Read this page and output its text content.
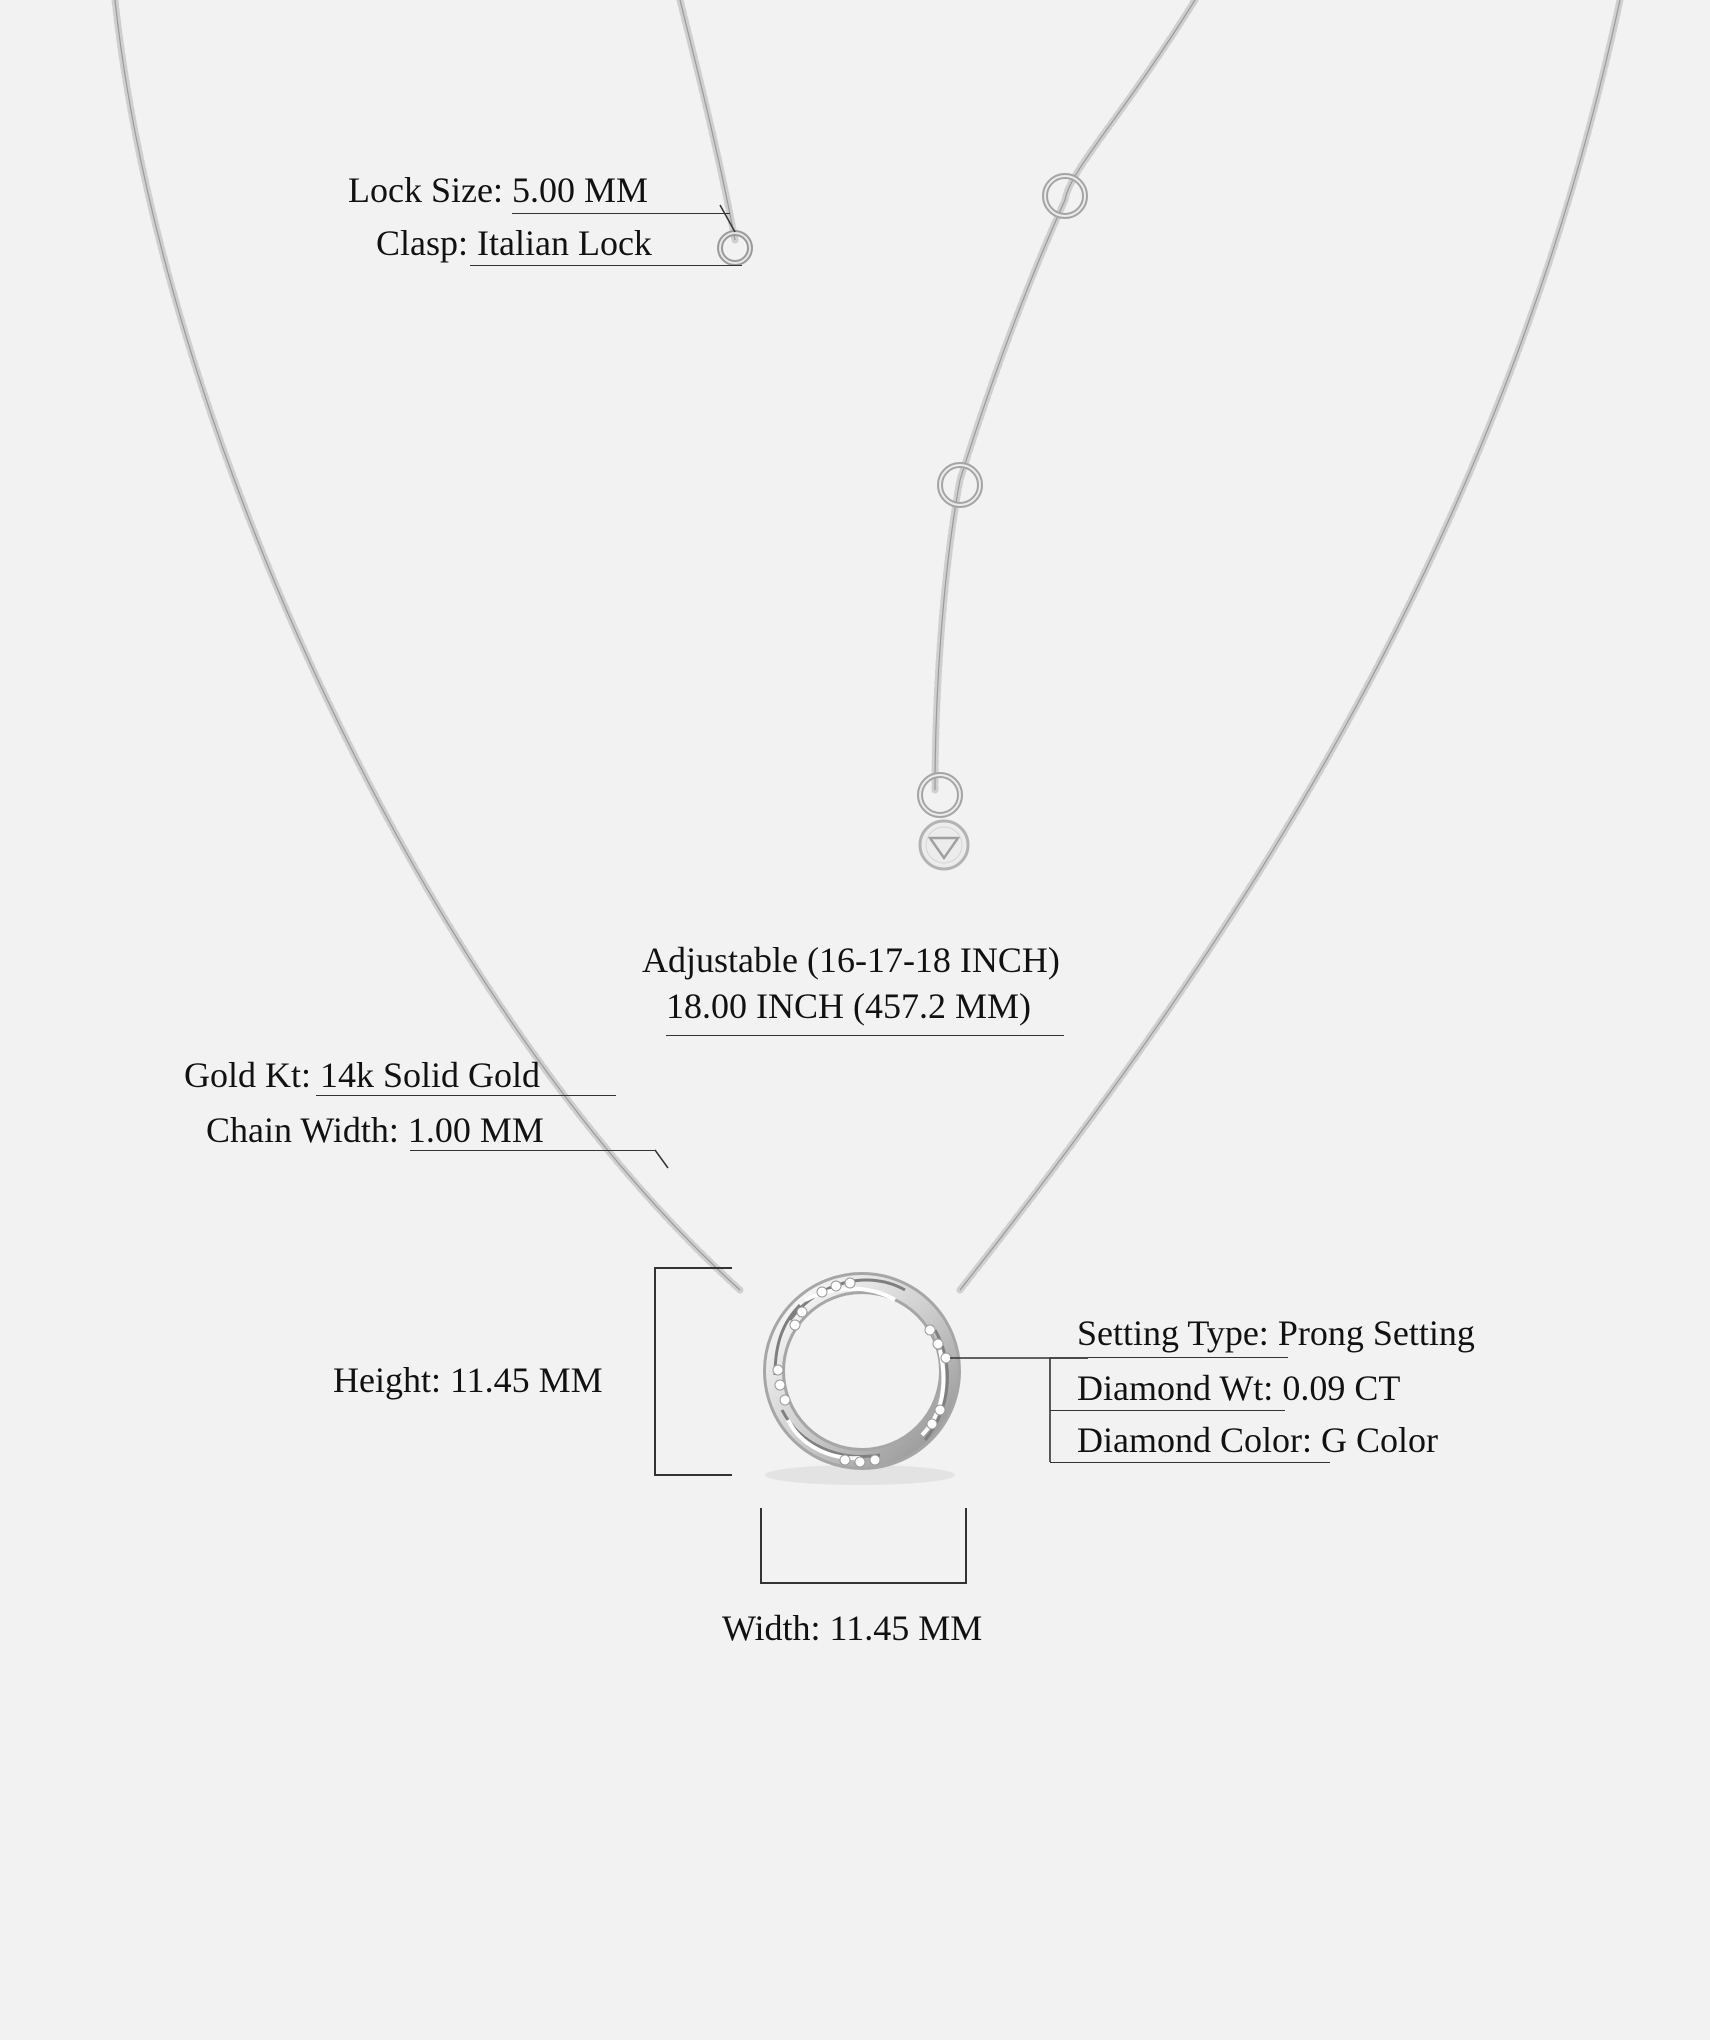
Lock Size: 5.00 MM
Clasp: Italian Lock
Adjustable (16-17-18 INCH)
18.00 INCH (457.2 MM)
Gold Kt: 14k Solid Gold
Chain Width: 1.00 MM
Height: 11.45 MM
Width: 11.45 MM
Setting Type: Prong Setting
Diamond Wt: 0.09 CT
Diamond Color: G Color
